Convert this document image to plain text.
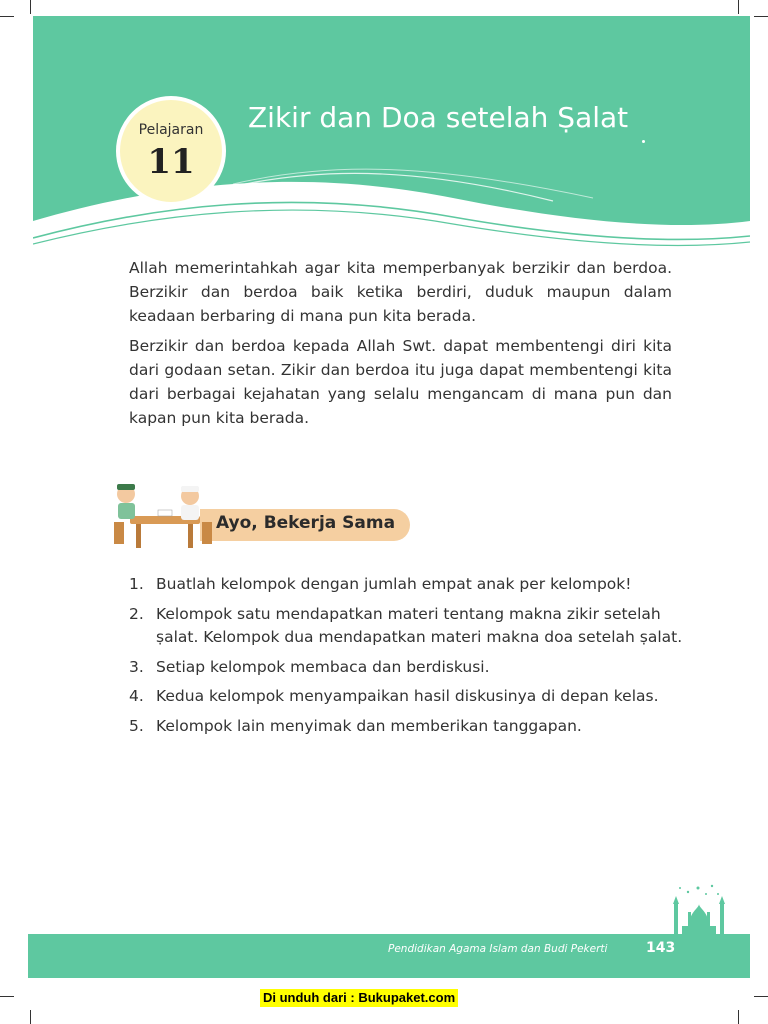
Pelajaran
11
Zikir dan Doa setelah Ṣalat

Allah memerintahkah agar kita memperbanyak berzikir dan berdoa. Berzikir dan berdoa baik ketika berdiri, duduk maupun dalam keadaan berbaring di mana pun kita berada.

Berzikir dan berdoa kepada Allah Swt. dapat membentengi diri kita dari godaan setan. Zikir dan berdoa itu juga dapat membentengi kita dari berbagai kejahatan yang selalu mengancam di mana pun dan kapan pun kita berada.

Ayo, Bekerja Sama
1. Buatlah kelompok dengan jumlah empat anak per kelompok!
2. Kelompok satu mendapatkan materi tentang makna zikir setelah ṣalat. Kelompok dua mendapatkan materi makna doa setelah ṣalat.
3. Setiap kelompok membaca dan berdiskusi.
4. Kedua kelompok menyampaikan hasil diskusinya di depan kelas.
5. Kelompok lain menyimak dan memberikan tanggapan.
Pendidikan Agama Islam dan Budi Pekerti	143
Di unduh dari : Bukupaket.com
